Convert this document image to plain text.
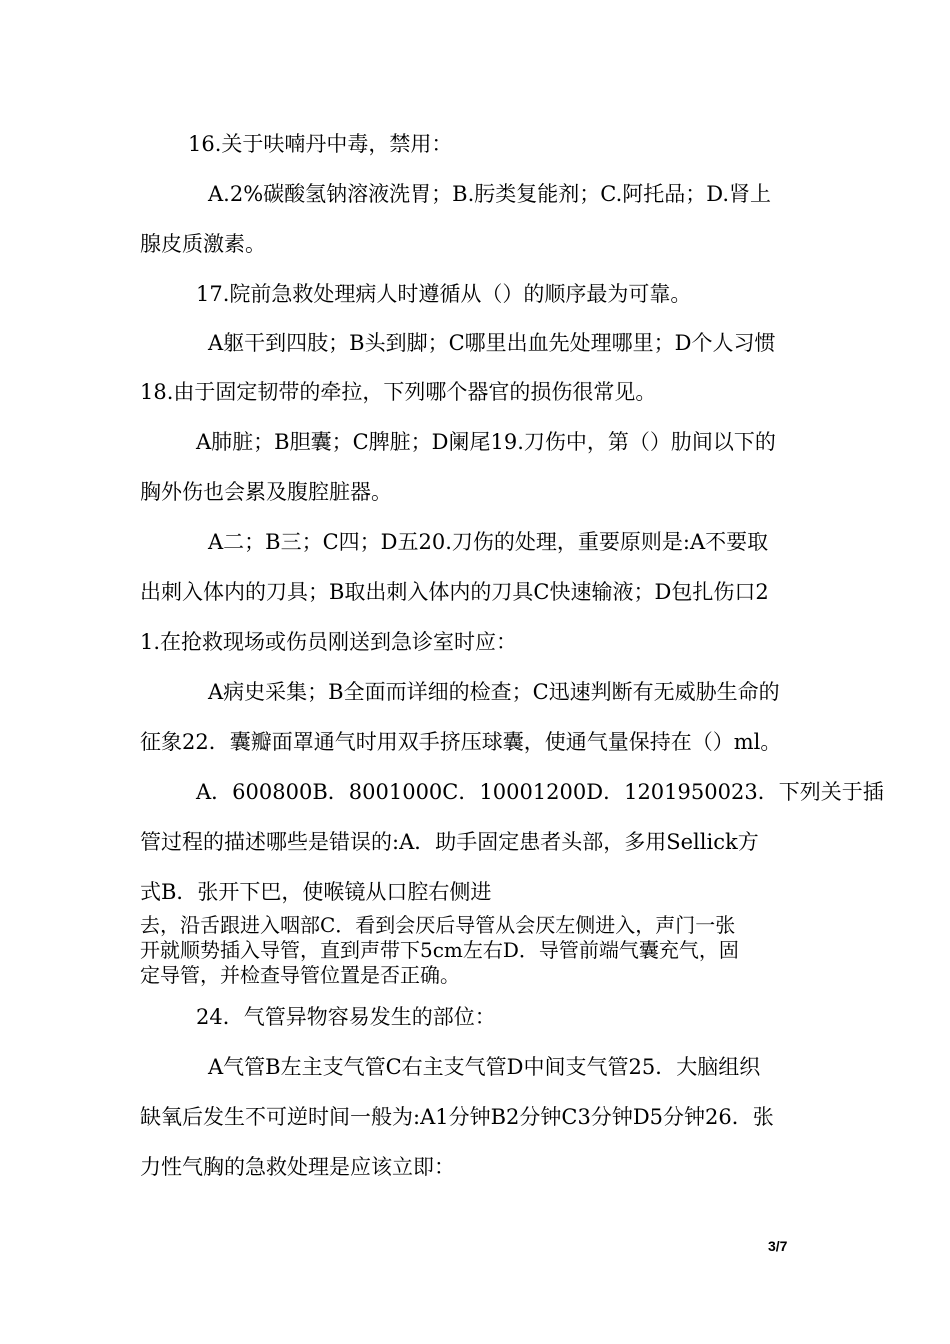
16.关于呋喃丹中毒，禁用：
A.2%碳酸氢钠溶液洗胃；B.肟类复能剂；C.阿托品；D.肾上
腺皮质激素。
17.院前急救处理病人时遵循从（）的顺序最为可靠。
A躯干到四肢；B头到脚；C哪里出血先处理哪里；D个人习惯
18.由于固定韧带的牵拉，下列哪个器官的损伤很常见。
A肺脏；B胆囊；C脾脏；D阑尾19.刀伤中，第（）肋间以下的
胸外伤也会累及腹腔脏器。
A二；B三；C四；D五20.刀伤的处理，重要原则是:A不要取
出刺入体内的刀具；B取出刺入体内的刀具C快速输液；D包扎伤口2
1.在抢救现场或伤员刚送到急诊室时应：
A病史采集；B全面而详细的检查；C迅速判断有无威胁生命的
征象22．囊瓣面罩通气时用双手挤压球囊，使通气量保持在（）ml。
A．600800B．8001000C．10001200D．1201950023．下列关于插
管过程的描述哪些是错误的:A．助手固定患者头部，多用Sellick方
式B．张开下巴，使喉镜从口腔右侧进
去，沿舌跟进入咽部C．看到会厌后导管从会厌左侧进入，声门一张
开就顺势插入导管，直到声带下5cm左右D．导管前端气囊充气，固
定导管，并检查导管位置是否正确。
24．气管异物容易发生的部位：
A气管B左主支气管C右主支气管D中间支气管25．大脑组织
缺氧后发生不可逆时间一般为:A1分钟B2分钟C3分钟D5分钟26．张
力性气胸的急救处理是应该立即：
3/7
